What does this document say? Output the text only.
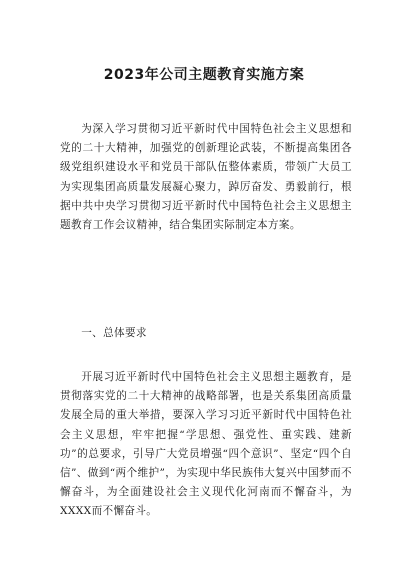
2023年公司主题教育实施方案

为深入学习贯彻习近平新时代中国特色社会主义思想和党的二十大精神，加强党的创新理论武装，不断提高集团各级党组织建设水平和党员干部队伍整体素质，带领广大员工为实现集团高质量发展凝心聚力，踔厉奋发、勇毅前行，根据中共中央学习贯彻习近平新时代中国特色社会主义思想主题教育工作会议精神，结合集团实际制定本方案。

一、总体要求

开展习近平新时代中国特色社会主义思想主题教育，是贯彻落实党的二十大精神的战略部署，也是关系集团高质量发展全局的重大举措，要深入学习习近平新时代中国特色社会主义思想，牢牢把握“学思想、强党性、重实践、建新功”的总要求，引导广大党员增强“四个意识”、坚定“四个自信”、做到“两个维护”，为实现中华民族伟大复兴中国梦而不懈奋斗，为全面建设社会主义现代化河南而不懈奋斗，为XXXX而不懈奋斗。
